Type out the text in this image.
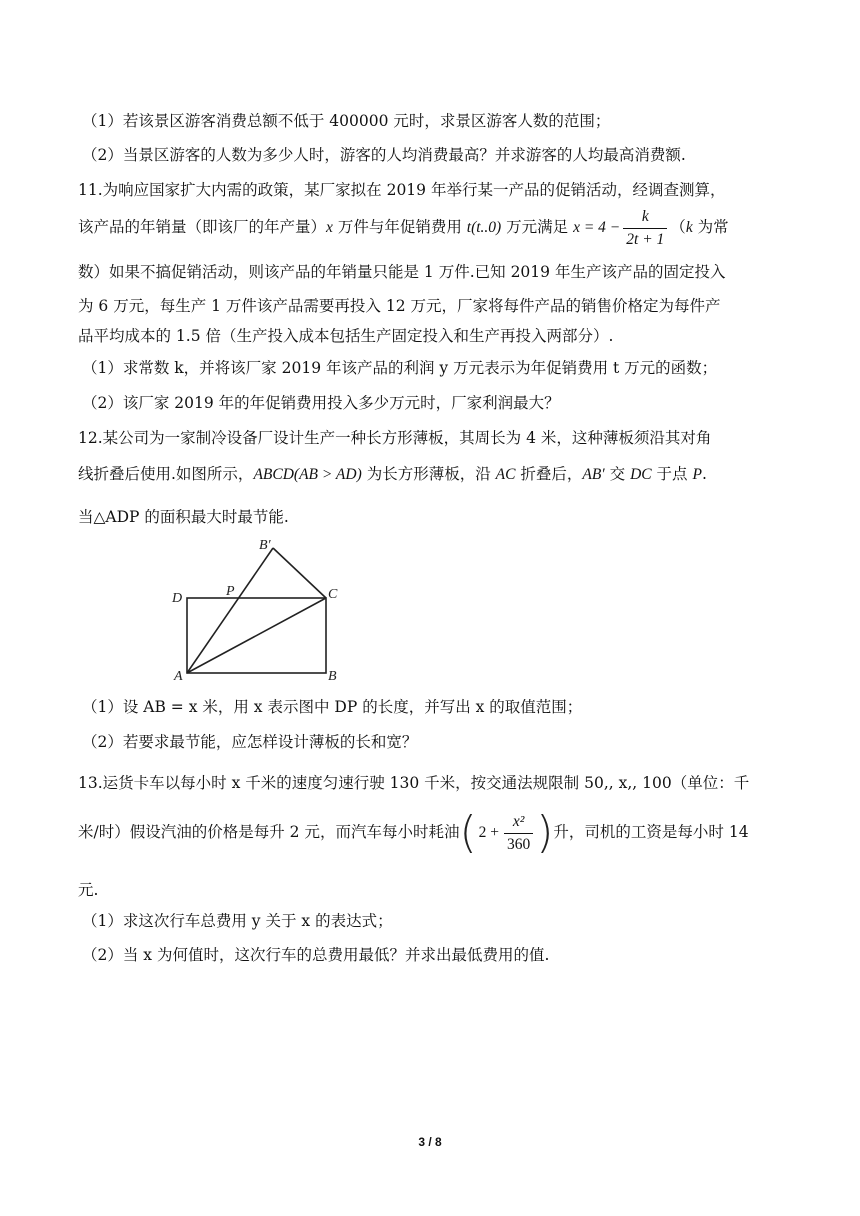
（1）若该景区游客消费总额不低于 400000 元时，求景区游客人数的范围；
（2）当景区游客的人数为多少人时，游客的人均消费最高？并求游客的人均最高消费额.
11.为响应国家扩大内需的政策，某厂家拟在 2019 年举行某一产品的促销活动，经调查测算，
该产品的年销量（即该厂的年产量）x 万件与年促销费用 t(t..0) 万元满足 $x = 4 - \frac{k}{2t + 1} (k$ 为常
数）如果不搞促销活动，则该产品的年销量只能是 1 万件.已知 2019 年生产该产品的固定投入
为 6 万元，每生产 1 万件该产品需要再投入 12 万元，厂家将每件产品的销售价格定为每件产
品平均成本的 1.5 倍（生产投入成本包括生产固定投入和生产再投入两部分）.
（1）求常数 k，并将该厂家 2019 年该产品的利润 y 万元表示为年促销费用 t 万元的函数；
（2）该厂家 2019 年的年促销费用投入多少万元时，厂家利润最大？
12.某公司为一家制冷设备厂设计生产一种长方形薄板，其周长为 4 米，这种薄板须沿其对角
线折叠后使用.如图所示，ABCD(AB > AD) 为长方形薄板，沿 AC 折叠后，AB′ 交 DC 于点 P.
当△ADP 的面积最大时最节能.
B′
P
D	C
A	B
（1）设 AB = x 米，用 x 表示图中 DP 的长度，并写出 x 的取值范围；
（2）若要求最节能，应怎样设计薄板的长和宽？
13.运货卡车以每小时 x 千米的速度匀速行驶 130 千米，按交通法规限制 50,, x,, 100（单位：千
米/时）假设汽油的价格是每升 2 元，而汽车每小时耗油 ( $2 + \frac{\text{x²}}{360}$ ) 升，司机的工资是每小时 14
元.
（1）求这次行车总费用 y 关于 x 的表达式；
（2）当 x 为何值时，这次行车的总费用最低？并求出最低费用的值.
3 / 8
